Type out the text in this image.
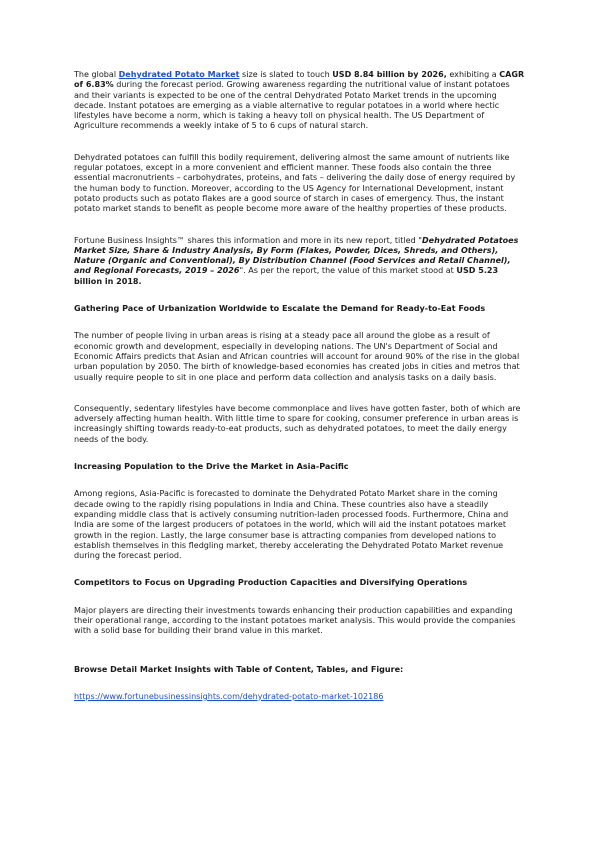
The global Dehydrated Potato Market size is slated to touch USD 8.84 billion by 2026, exhibiting a CAGR of 6.83% during the forecast period. Growing awareness regarding the nutritional value of instant potatoes and their variants is expected to be one of the central Dehydrated Potato Market trends in the upcoming decade. Instant potatoes are emerging as a viable alternative to regular potatoes in a world where hectic lifestyles have become a norm, which is taking a heavy toll on physical health. The US Department of Agriculture recommends a weekly intake of 5 to 6 cups of natural starch.

Dehydrated potatoes can fulfill this bodily requirement, delivering almost the same amount of nutrients like regular potatoes, except in a more convenient and efficient manner. These foods also contain the three essential macronutrients – carbohydrates, proteins, and fats – delivering the daily dose of energy required by the human body to function. Moreover, according to the US Agency for International Development, instant potato products such as potato flakes are a good source of starch in cases of emergency. Thus, the instant potato market stands to benefit as people become more aware of the healthy properties of these products.

Fortune Business Insights™ shares this information and more in its new report, titled "Dehydrated Potatoes Market Size, Share & Industry Analysis, By Form (Flakes, Powder, Dices, Shreds, and Others), Nature (Organic and Conventional), By Distribution Channel (Food Services and Retail Channel), and Regional Forecasts, 2019 – 2026". As per the report, the value of this market stood at USD 5.23 billion in 2018.

Gathering Pace of Urbanization Worldwide to Escalate the Demand for Ready-to-Eat Foods

The number of people living in urban areas is rising at a steady pace all around the globe as a result of economic growth and development, especially in developing nations. The UN's Department of Social and Economic Affairs predicts that Asian and African countries will account for around 90% of the rise in the global urban population by 2050. The birth of knowledge-based economies has created jobs in cities and metros that usually require people to sit in one place and perform data collection and analysis tasks on a daily basis.

Consequently, sedentary lifestyles have become commonplace and lives have gotten faster, both of which are adversely affecting human health. With little time to spare for cooking, consumer preference in urban areas is increasingly shifting towards ready-to-eat products, such as dehydrated potatoes, to meet the daily energy needs of the body.

Increasing Population to the Drive the Market in Asia-Pacific

Among regions, Asia-Pacific is forecasted to dominate the Dehydrated Potato Market share in the coming decade owing to the rapidly rising populations in India and China. These countries also have a steadily expanding middle class that is actively consuming nutrition-laden processed foods. Furthermore, China and India are some of the largest producers of potatoes in the world, which will aid the instant potatoes market growth in the region. Lastly, the large consumer base is attracting companies from developed nations to establish themselves in this fledgling market, thereby accelerating the Dehydrated Potato Market revenue during the forecast period.

Competitors to Focus on Upgrading Production Capacities and Diversifying Operations

Major players are directing their investments towards enhancing their production capabilities and expanding their operational range, according to the instant potatoes market analysis. This would provide the companies with a solid base for building their brand value in this market.

Browse Detail Market Insights with Table of Content, Tables, and Figure:

https://www.fortunebusinessinsights.com/dehydrated-potato-market-102186
